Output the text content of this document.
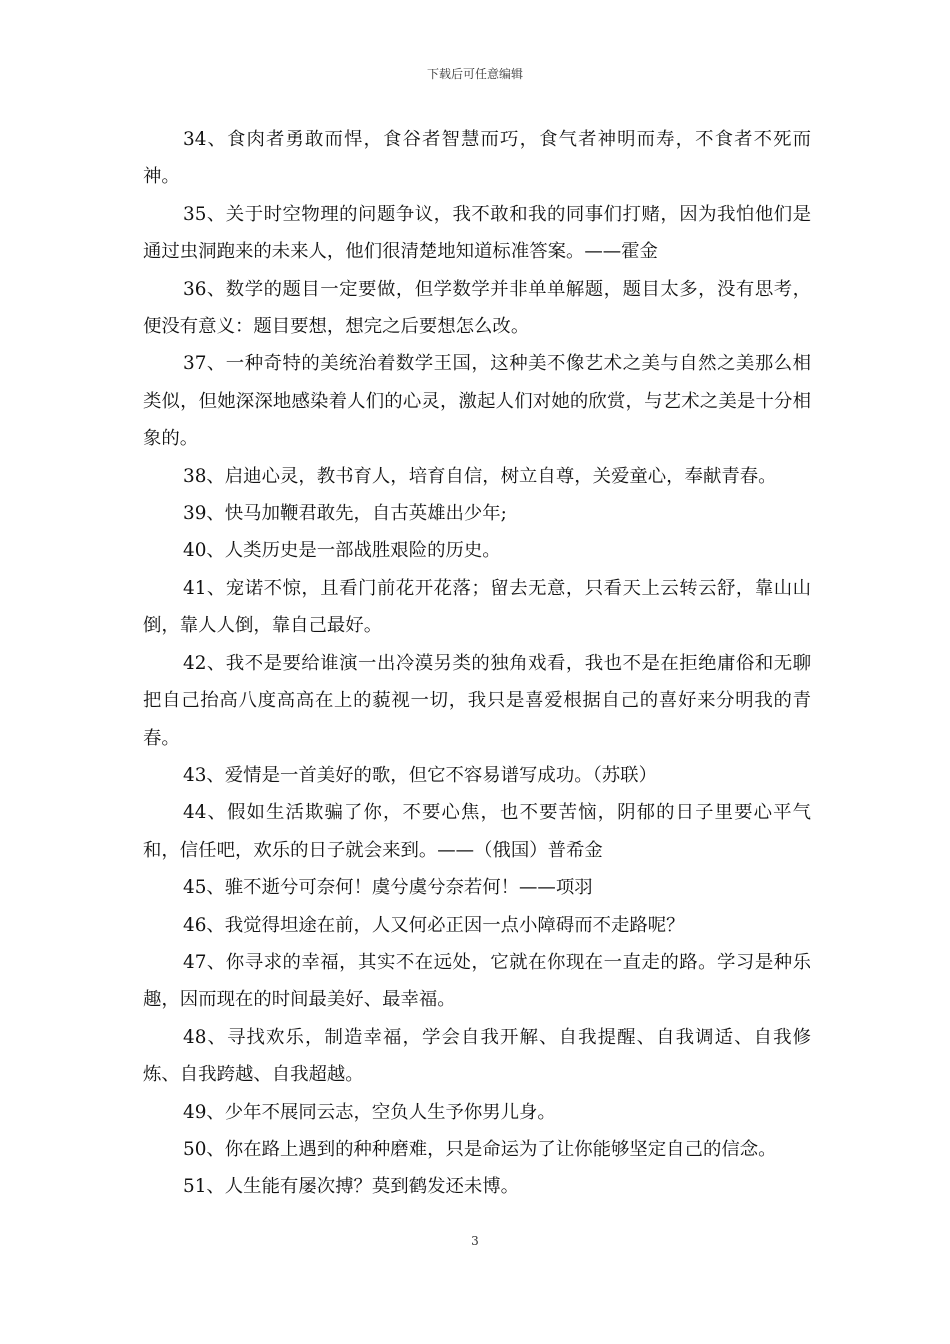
下载后可任意编辑

34、食肉者勇敢而悍，食谷者智慧而巧，食气者神明而寿，不食者不死而神。

35、关于时空物理的问题争议，我不敢和我的同事们打赌，因为我怕他们是通过虫洞跑来的未来人，他们很清楚地知道标准答案。——霍金

36、数学的题目一定要做，但学数学并非单单解题，题目太多，没有思考，便没有意义：题目要想，想完之后要想怎么改。

37、一种奇特的美统治着数学王国，这种美不像艺术之美与自然之美那么相类似，但她深深地感染着人们的心灵，激起人们对她的欣赏，与艺术之美是十分相象的。

38、启迪心灵，教书育人，培育自信，树立自尊，关爱童心，奉献青春。

39、快马加鞭君敢先，自古英雄出少年;

40、人类历史是一部战胜艰险的历史。

41、宠诺不惊，且看门前花开花落；留去无意，只看天上云转云舒，靠山山倒，靠人人倒，靠自己最好。

42、我不是要给谁演一出冷漠另类的独角戏看，我也不是在拒绝庸俗和无聊把自己抬高八度高高在上的藐视一切，我只是喜爱根据自己的喜好来分明我的青春。

43、爱情是一首美好的歌，但它不容易谱写成功。（苏联）

44、假如生活欺骗了你，不要心焦，也不要苦恼，阴郁的日子里要心平气和，信任吧，欢乐的日子就会来到。——（俄国）普希金

45、骓不逝兮可奈何！虞兮虞兮奈若何！——项羽

46、我觉得坦途在前，人又何必正因一点小障碍而不走路呢？

47、你寻求的幸福，其实不在远处，它就在你现在一直走的路。学习是种乐趣，因而现在的时间最美好、最幸福。

48、寻找欢乐，制造幸福，学会自我开解、自我提醒、自我调适、自我修炼、自我跨越、自我超越。

49、少年不展同云志，空负人生予你男儿身。

50、你在路上遇到的种种磨难，只是命运为了让你能够坚定自己的信念。

51、人生能有屡次搏？莫到鹤发还未博。

3
